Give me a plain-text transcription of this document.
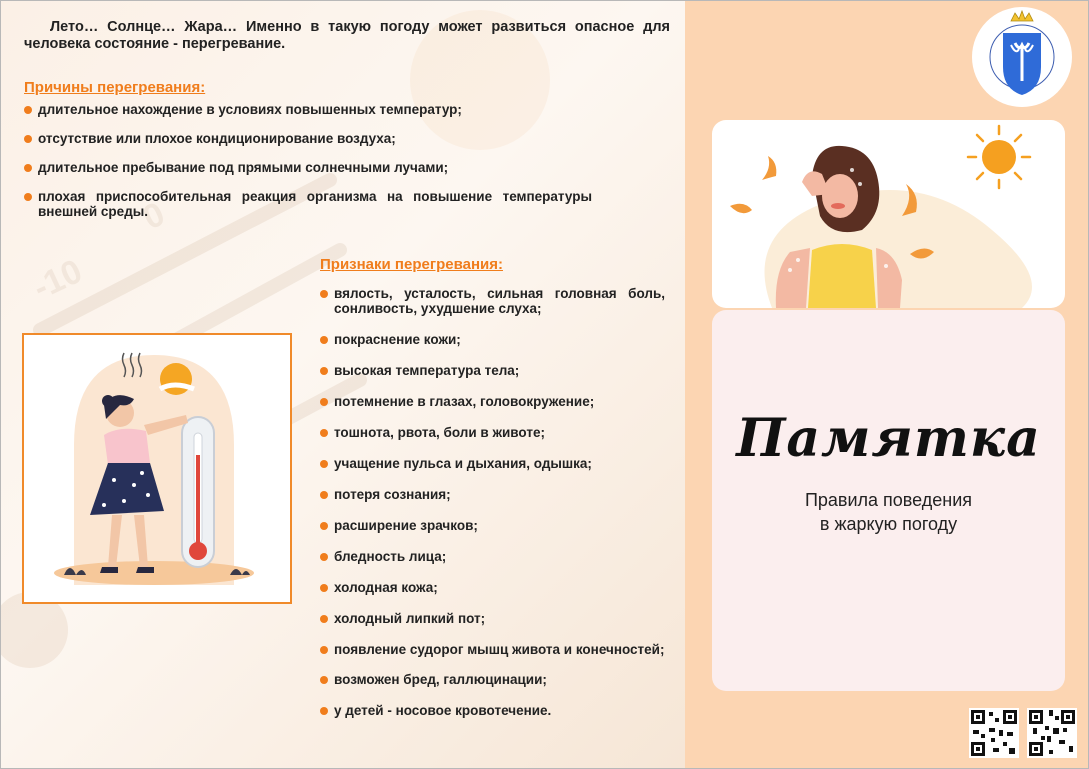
-10
0
Лето… Солнце… Жара… Именно в такую погоду может развиться опасное для человека состояние - перегревание.
Причины перегревания:
длительное нахождение в условиях повышенных температур;
отсутствие или плохое кондиционирование воздуха;
длительное пребывание под прямыми солнечными лучами;
плохая приспособительная реакция организма на повышение температуры внешней среды.
Признаки перегревания:
вялость, усталость, сильная головная боль, сонливость, ухудшение слуха;
покраснение кожи;
высокая температура тела;
потемнение в глазах, головокружение;
тошнота, рвота, боли в животе;
учащение пульса и дыхания, одышка;
потеря сознания;
расширение зрачков;
бледность лица;
холодная кожа;
холодный липкий пот;
появление судорог мышц живота и конечностей;
возможен бред, галлюцинации;
у детей - носовое кровотечение.
Памятка
Правила поведения
в жаркую погоду
